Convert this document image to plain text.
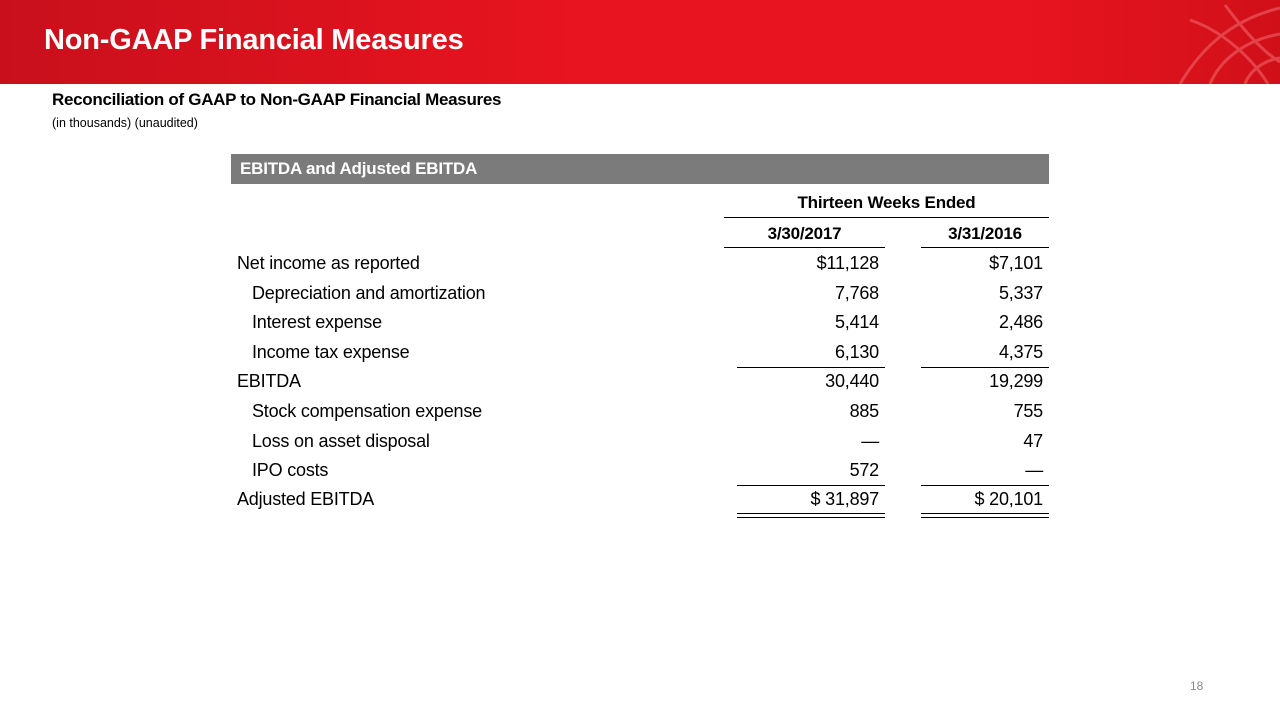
Non-GAAP Financial Measures
Reconciliation of GAAP to Non-GAAP Financial Measures
(in thousands) (unaudited)
EBITDA and Adjusted EBITDA
Thirteen Weeks Ended
3/30/2017	3/31/2016
Net income as reported	$11,128	$7,101
Depreciation and amortization	7,768	5,337
Interest expense	5,414	2,486
Income tax expense	6,130	4,375
EBITDA	30,440	19,299
Stock compensation expense	885	755
Loss on asset disposal	—	47
IPO costs	572	—
Adjusted EBITDA	$ 31,897	$ 20,101
18
